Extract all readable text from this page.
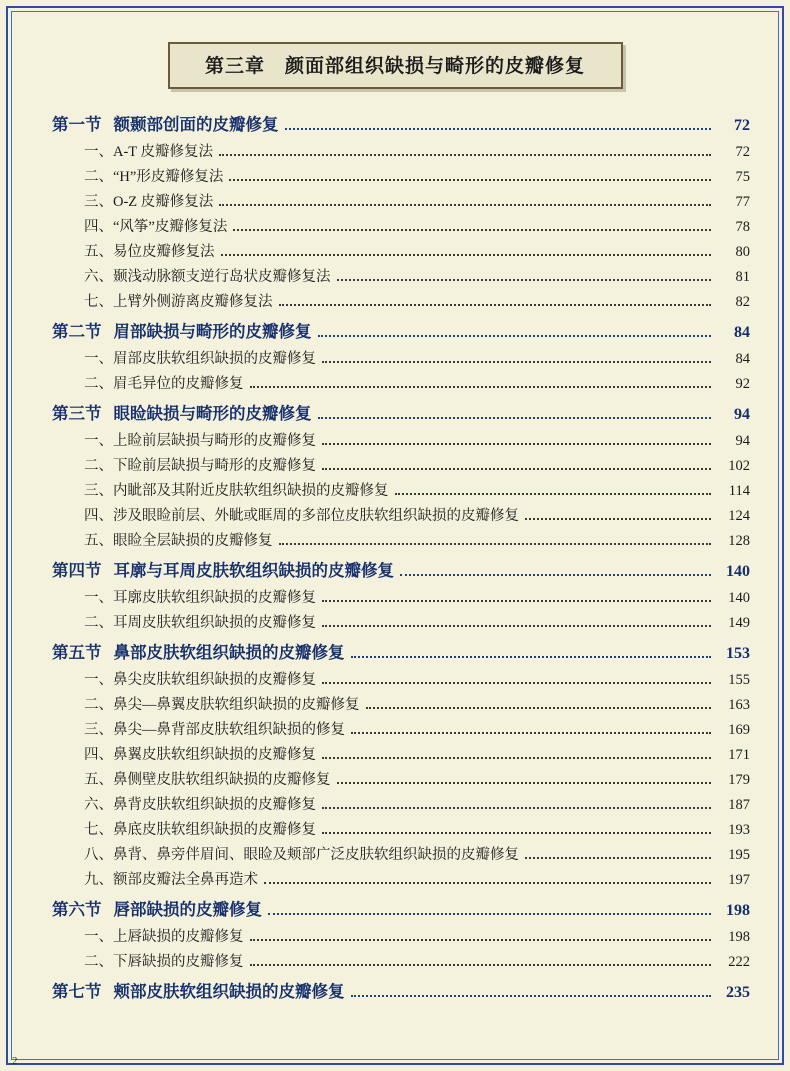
第三章　颜面部组织缺损与畸形的皮瓣修复
第一节 额颞部创面的皮瓣修复	72
一、A-T 皮瓣修复法	72
二、“H”形皮瓣修复法	75
三、O-Z 皮瓣修复法	77
四、“风筝”皮瓣修复法	78
五、易位皮瓣修复法	80
六、颞浅动脉额支逆行岛状皮瓣修复法	81
七、上臂外侧游离皮瓣修复法	82
第二节 眉部缺损与畸形的皮瓣修复	84
一、眉部皮肤软组织缺损的皮瓣修复	84
二、眉毛异位的皮瓣修复	92
第三节 眼睑缺损与畸形的皮瓣修复	94
一、上睑前层缺损与畸形的皮瓣修复	94
二、下睑前层缺损与畸形的皮瓣修复	102
三、内眦部及其附近皮肤软组织缺损的皮瓣修复	114
四、涉及眼睑前层、外眦或眶周的多部位皮肤软组织缺损的皮瓣修复	124
五、眼睑全层缺损的皮瓣修复	128
第四节 耳廓与耳周皮肤软组织缺损的皮瓣修复	140
一、耳廓皮肤软组织缺损的皮瓣修复	140
二、耳周皮肤软组织缺损的皮瓣修复	149
第五节 鼻部皮肤软组织缺损的皮瓣修复	153
一、鼻尖皮肤软组织缺损的皮瓣修复	155
二、鼻尖—鼻翼皮肤软组织缺损的皮瓣修复	163
三、鼻尖—鼻背部皮肤软组织缺损的修复	169
四、鼻翼皮肤软组织缺损的皮瓣修复	171
五、鼻侧壁皮肤软组织缺损的皮瓣修复	179
六、鼻背皮肤软组织缺损的皮瓣修复	187
七、鼻底皮肤软组织缺损的皮瓣修复	193
八、鼻背、鼻旁伴眉间、眼睑及颊部广泛皮肤软组织缺损的皮瓣修复	195
九、额部皮瓣法全鼻再造术	197
第六节 唇部缺损的皮瓣修复	198
一、上唇缺损的皮瓣修复	198
二、下唇缺损的皮瓣修复	222
第七节 颊部皮肤软组织缺损的皮瓣修复	235
2
